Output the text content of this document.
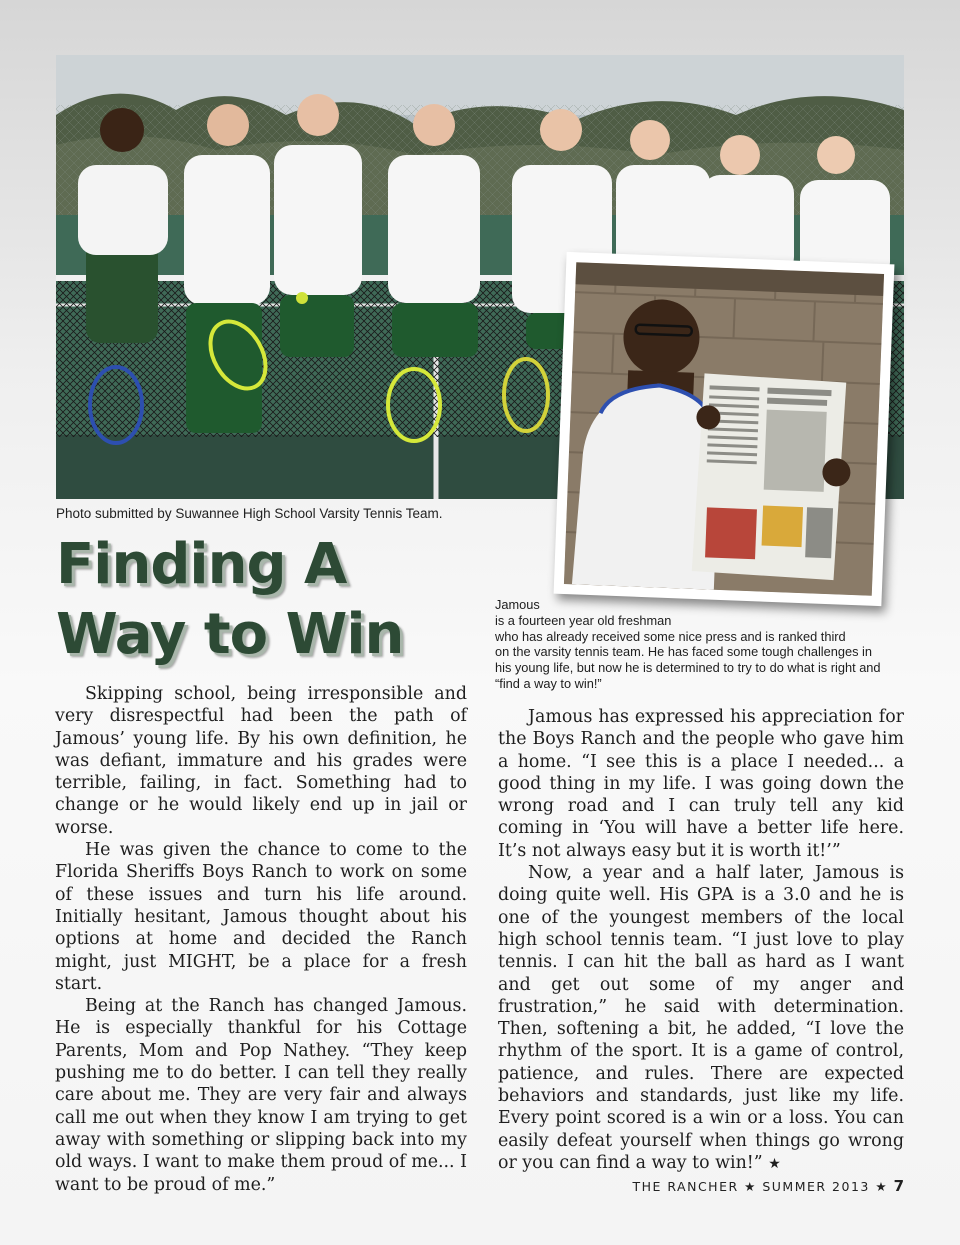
Photo submitted by Suwannee High School Varsity Tennis Team.
Finding A
Way to Win	Jamous

is a fourteen year old freshman

who has already received some nice press and is ranked third

on the varsity tennis team. He has faced some tough challenges in

his young life, but now he is determined to try to do what is right and

“find a way to win!”

Skipping school, being irresponsible and very disrespectful had been the path of Jamous’ young life. By his own definition, he was defiant, immature and his grades were terrible, failing, in fact. Something had to change or he would likely end up in jail or worse.

He was given the chance to come to the Florida Sheriffs Boys Ranch to work on some of these issues and turn his life around. Initially hesitant, Jamous thought about his options at home and decided the Ranch might, just MIGHT, be a place for a fresh start.

Being at the Ranch has changed Jamous. He is especially thankful for his Cottage Parents, Mom and Pop Nathey. “They keep pushing me to do better. I can tell they really care about me. They are very fair and always call me out when they know I am trying to get away with something or slipping back into my old ways. I want to make them proud of me... I want to be proud of me.”

Jamous has expressed his appreciation for the Boys Ranch and the people who gave him a home. “I see this is a place I needed... a good thing in my life. I was going down the wrong road and I can truly tell any kid coming in ‘You will have a better life here. It’s not always easy but it is worth it!’”

Now, a year and a half later, Jamous is doing quite well. His GPA is a 3.0 and he is one of the youngest members of the local high school tennis team. “I just love to play tennis. I can hit the ball as hard as I want and get out some of my anger and frustration,” he said with determination. Then, softening a bit, he added, “I love the rhythm of the sport. It is a game of control, patience, and rules. There are expected behaviors and standards, just like my life. Every point scored is a win or a loss. You can easily defeat yourself when things go wrong or you can find a way to win!” ★

THE RANCHER ★ SUMMER 2013 ★ 7
